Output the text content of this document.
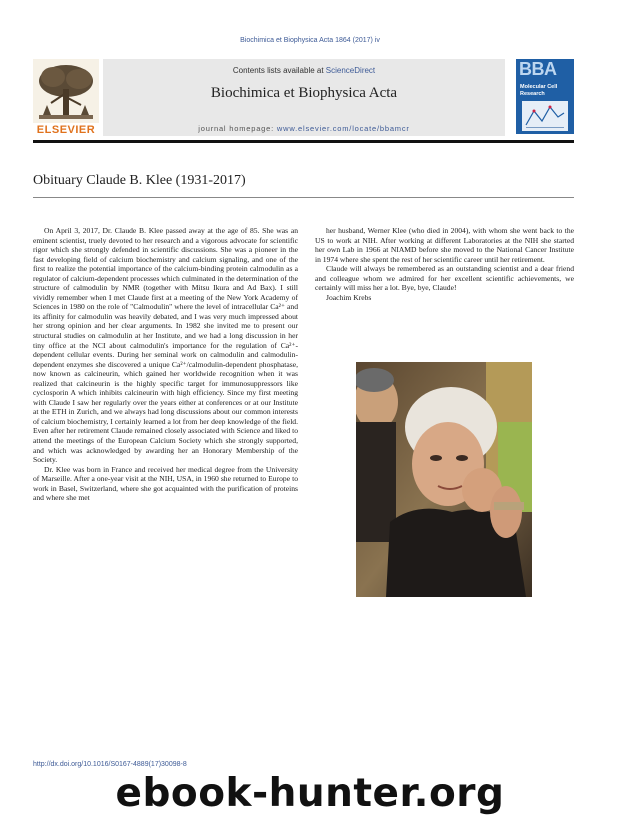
Biochimica et Biophysica Acta 1864 (2017) iv
ELSEVIER
Contents lists available at ScienceDirect
Biochimica et Biophysica Acta
journal homepage: www.elsevier.com/locate/bbamcr
BBA
Molecular Cell Research
Obituary Claude B. Klee (1931-2017)

On April 3, 2017, Dr. Claude B. Klee passed away at the age of 85. She was an eminent scientist, truely devoted to her research and a vigorous advocate for scientific rigor which she strongly defended in scientific discussions. She was a pioneer in the fast developing field of calcium biochemistry and calcium signaling, and one of the first to realize the potential importance of the calcium-binding protein calmodulin as a regulator of calcium-dependent processes which culminated in the determination of the structure of calmodulin by NMR (together with Mitsu Ikura and Ad Bax). I still vividly remember when I met Claude first at a meeting of the New York Academy of Sciences in 1980 on the role of "Calmodulin" where the level of intracellular Ca²⁺ and its affinity for calmodulin was heavily debated, and I was very much impressed about her strong opinion and her clear arguments. In 1982 she invited me to present our structural studies on calmodulin at her Institute, and we had a long discussion in her tiny office at the NCI about calmodulin's importance for the regulation of Ca²⁺-dependent cellular events. During her seminal work on calmodulin and calmodulin-dependent enzymes she discovered a unique Ca²⁺/calmodulin-dependent phosphatase, now known as calcineurin, which gained her worldwide recognition when it was realized that calcineurin is the highly specific target for immunosuppressors like cyclosporin A which inhibits calcineurin with high efficiency. Since my first meeting with Claude I saw her regularly over the years either at conferences or at our Institute at the ETH in Zurich, and we always had long discussions about our common interests of calcium biochemistry, I certainly learned a lot from her deep knowledge of the field. Even after her retirement Claude remained closely associated with Science and liked to attend the meetings of the European Calcium Society which she strongly supported, and which was acknowledged by awarding her an Honorary Membership of the Society.

Dr. Klee was born in France and received her medical degree from the University of Marseille. After a one-year visit at the NIH, USA, in 1960 she returned to Europe to work in Basel, Switzerland, where she got acquainted with the purification of proteins and where she met

her husband, Werner Klee (who died in 2004), with whom she went back to the US to work at NIH. After working at different Laboratories at the NIH she started her own Lab in 1966 at NIAMD before she moved to the National Cancer Institute in 1974 where she spent the rest of her scientific career until her retirement.

Claude will always be remembered as an outstanding scientist and a dear friend and colleague whom we admired for her excellent scientific achievements, we certainly will miss her a lot. Bye, bye, Claude!

Joachim Krebs

http://dx.doi.org/10.1016/S0167-4889(17)30098-8
ebook-hunter.org
